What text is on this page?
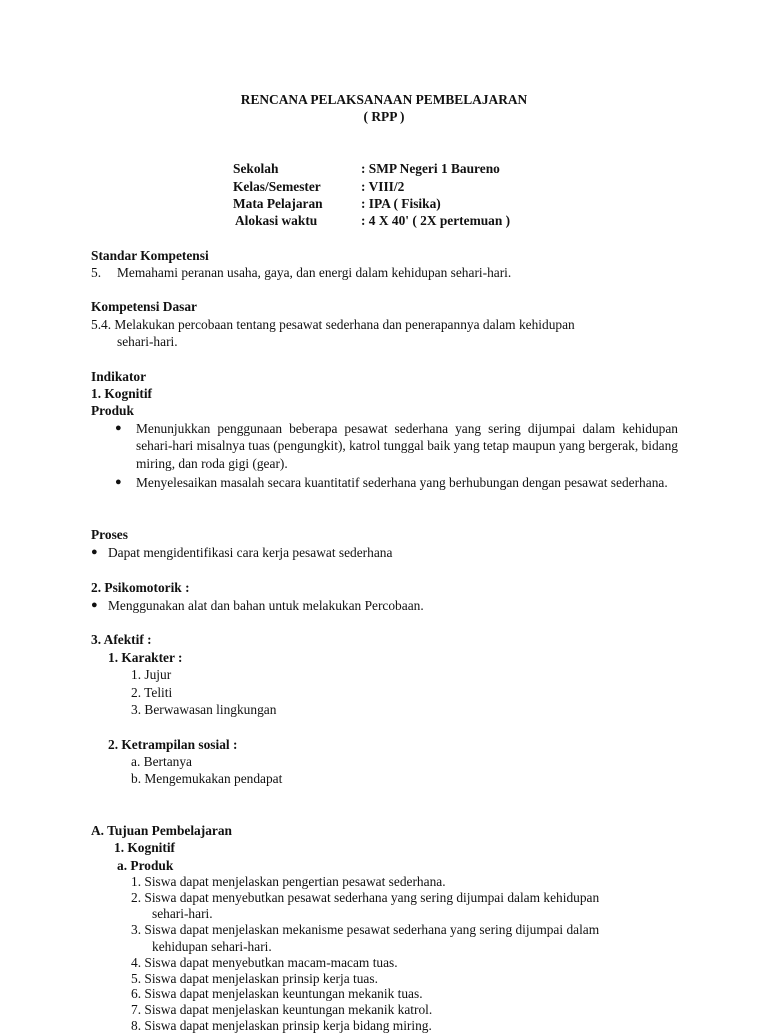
RENCANA PELAKSANAAN PEMBELAJARAN
( RPP )
Sekolah	: SMP Negeri 1 Baureno
Kelas/Semester	: VIII/2
Mata Pelajaran	: IPA ( Fisika)
Alokasi waktu	: 4 X 40' ( 2X pertemuan )
Standar Kompetensi
5. Memahami peranan usaha, gaya, dan energi dalam kehidupan sehari-hari.
Kompetensi Dasar
5.4. Melakukan percobaan tentang pesawat sederhana dan penerapannya dalam kehidupan
sehari-hari.
Indikator
1. Kognitif
Produk
● Menunjukkan penggunaan beberapa pesawat sederhana yang sering dijumpai dalam kehidupan sehari-hari misalnya tuas (pengungkit), katrol tunggal baik yang tetap maupun yang bergerak, bidang miring, dan roda gigi (gear).
● Menyelesaikan masalah secara kuantitatif sederhana yang berhubungan dengan pesawat sederhana.
Proses
● Dapat mengidentifikasi cara kerja pesawat sederhana
2. Psikomotorik :
● Menggunakan alat dan bahan untuk melakukan Percobaan.
3. Afektif :
1. Karakter :
1. Jujur
2. Teliti
3. Berwawasan lingkungan
2. Ketrampilan sosial :
a. Bertanya
b. Mengemukakan pendapat
A. Tujuan Pembelajaran
1. Kognitif
a. Produk
1. Siswa dapat menjelaskan pengertian pesawat sederhana.
2. Siswa dapat menyebutkan pesawat sederhana yang sering dijumpai dalam kehidupan
sehari-hari.
3. Siswa dapat menjelaskan mekanisme pesawat sederhana yang sering dijumpai dalam
kehidupan sehari-hari.
4. Siswa dapat menyebutkan macam-macam tuas.
5. Siswa dapat menjelaskan prinsip kerja tuas.
6. Siswa dapat menjelaskan keuntungan mekanik tuas.
7. Siswa dapat menjelaskan keuntungan mekanik katrol.
8. Siswa dapat menjelaskan prinsip kerja bidang miring.
